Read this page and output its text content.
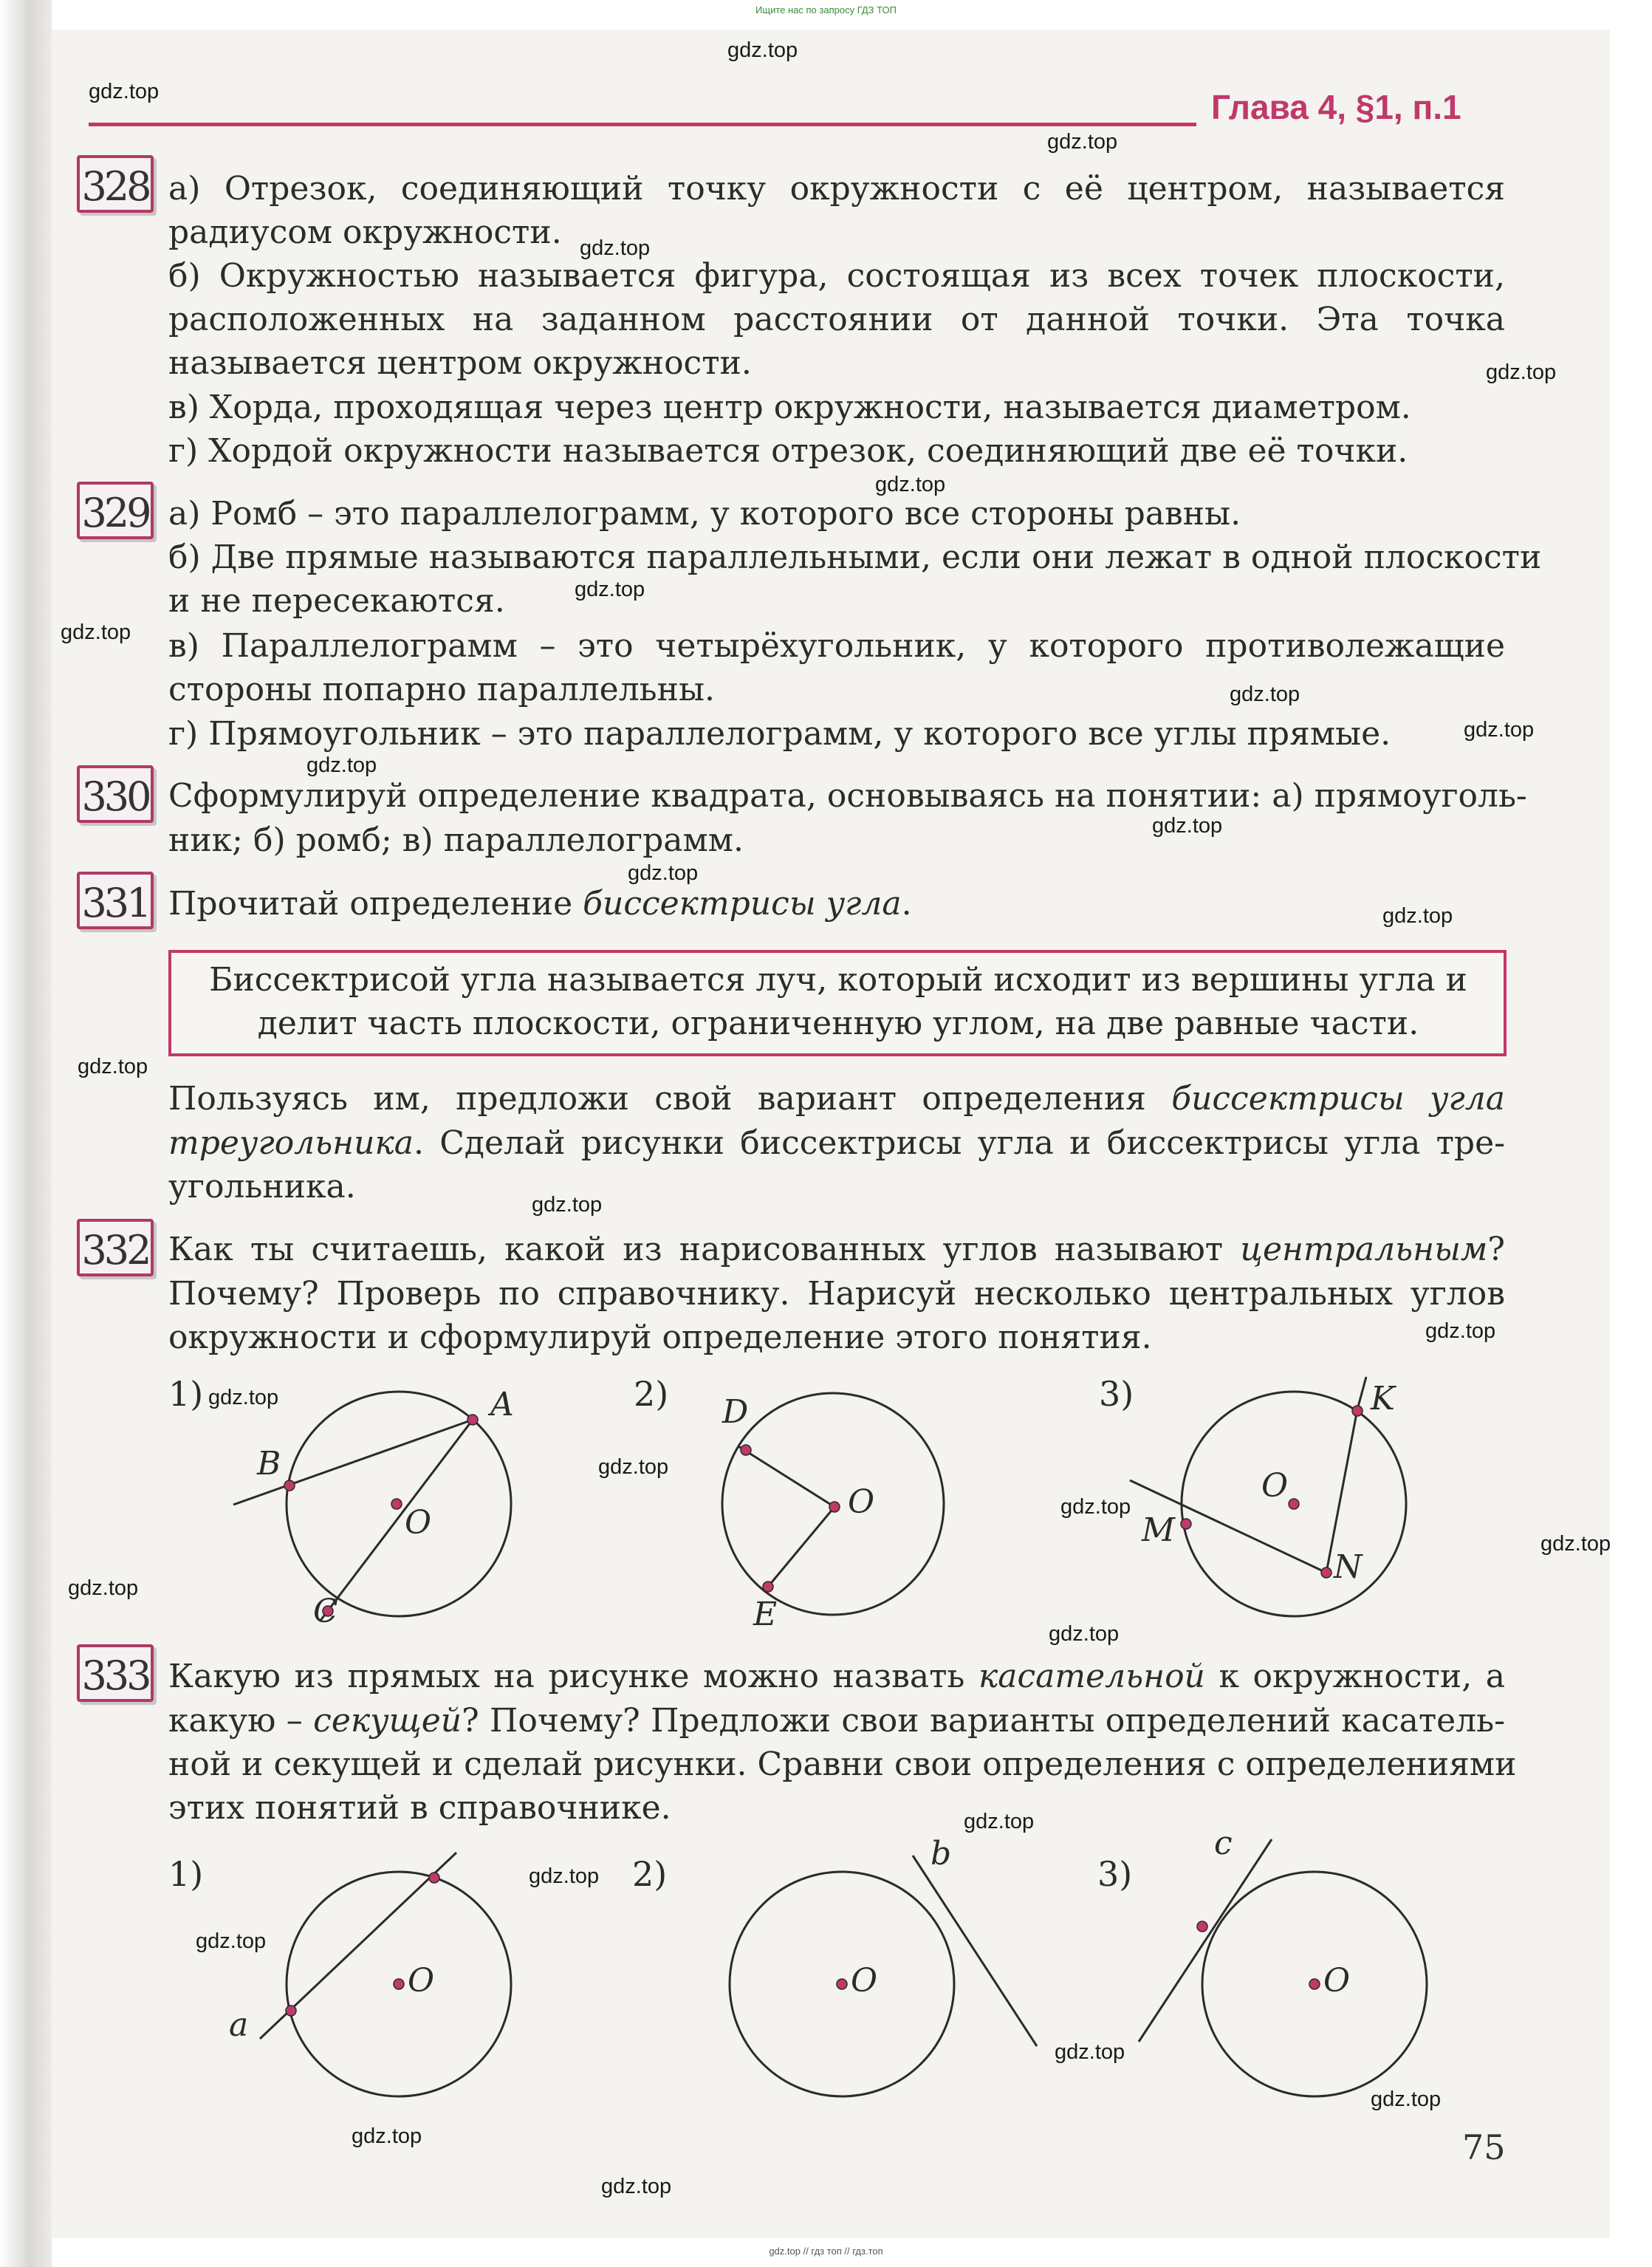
Ищите нас по запросу ГДЗ ТОП
gdz.top
gdz.top
gdz.top
gdz.top
gdz.top
gdz.top
gdz.top
gdz.top
gdz.top
gdz.top
gdz.top
gdz.top
gdz.top
gdz.top
gdz.top
gdz.top
gdz.top
gdz.top
gdz.top
gdz.top
gdz.top
gdz.top
gdz.top
gdz.top
gdz.top
gdz.top
gdz.top
gdz.top
gdz.top
gdz.top
Глава 4, §1, п.1
328 а) Отрезок, соединяющий точку окружности с её центром, называется
радиусом окружности.
б) Окружностью называется фигура, состоящая из всех точек плоскости,
расположенных на заданном расстоянии от данной точки. Эта точка
называется центром окружности.
в) Хорда, проходящая через центр окружности, называется диаметром.
г) Хордой окружности называется отрезок, соединяющий две её точки.
329 а) Ромб – это параллелограмм, у которого все стороны равны.
б) Две прямые называются параллельными, если они лежат в одной плоскости
и не пересекаются.
в) Параллелограмм – это четырёхугольник, у которого противолежащие
стороны попарно параллельны.
г) Прямоугольник – это параллелограмм, у которого все углы прямые.
330 Сформулируй определение квадрата, основываясь на понятии: а) прямоуголь-
ник; б) ромб; в) параллелограмм.
331 Прочитай определение биссектрисы угла.
Биссектрисой угла называется луч, который исходит из вершины угла и
делит часть плоскости, ограниченную углом, на две равные части.
Пользуясь им, предложи свой вариант определения биссектрисы угла
треугольника. Сделай рисунки биссектрисы угла и биссектрисы угла тре-
угольника.
332 Как ты считаешь, какой из нарисованных углов называют центральным?
Почему? Проверь по справочнику. Нарисуй несколько центральных углов
окружности и сформулируй определение этого понятия.
1)	2)	3)
A
B
O
C
D
O
E
K
O
M
N
333 Какую из прямых на рисунке можно назвать касательной к окружности, а
какую – секущей? Почему? Предложи свои варианты определений касатель-
ной и секущей и сделай рисунки. Сравни свои определения с определениями
этих понятий в справочнике.
1)	2)	3)
a
b	c
O	O	O
75
gdz.top // гдз топ // гдз.топ
